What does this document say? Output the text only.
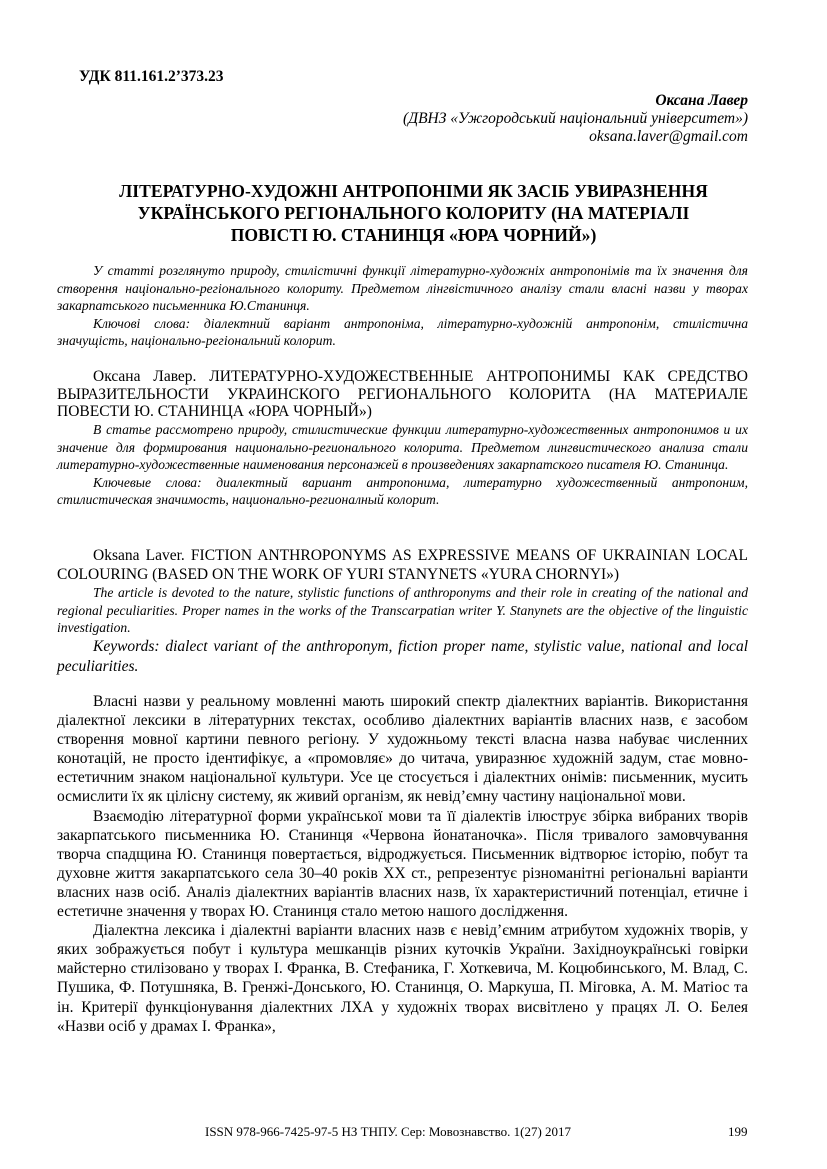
УДК 811.161.2’373.23
Оксана Лавер
(ДВНЗ «Ужгородський національний університет»)
oksana.laver@gmail.com
ЛІТЕРАТУРНО-ХУДОЖНІ АНТРОПОНІМИ ЯК ЗАСІБ УВИРАЗНЕННЯ
УКРАЇНСЬКОГО РЕГІОНАЛЬНОГО КОЛОРИТУ (НА МАТЕРІАЛІ
ПОВІСТІ Ю. СТАНИНЦЯ «ЮРА ЧОРНИЙ»)

У статті розглянуто природу, стилістичні функції літературно-художніх антропонімів та їх значення для створення національно-регіонального колориту. Предметом лінгвістичного аналізу стали власні назви у творах закарпатського письменника Ю.Станинця.

Ключові слова: діалектний варіант антропоніма, літературно-художній антропонім, стилістична значущість, національно-регіональний колорит.

Оксана Лавер. ЛИТЕРАТУРНО-ХУДОЖЕСТВЕННЫЕ АНТРОПОНИМЫ КАК СРЕДСТВО ВЫРАЗИТЕЛЬНОСТИ УКРАИНСКОГО РЕГИОНАЛЬНОГО КОЛОРИТА (НА МАТЕРИАЛЕ ПОВЕСТИ Ю. СТАНИНЦА «ЮРА ЧОРНЫЙ»)

В статье рассмотрено природу, стилистические функции литературно-художественных антропонимов и их значение для формирования национально-регионального колорита. Предметом лингвистического анализа стали литературно-художественные наименования персонажей в произведениях закарпатского писателя Ю. Станинца.

Ключевые слова: диалектный вариант антропонима, литературно художественный антропоним, стилистическая значимость, национально-регионалный колорит.

Oksana Laver. FICTION ANTHROPONYMS AS EXPRESSIVE MEANS OF UKRAINIAN LOCAL COLOURING (BASED ON THE WORK OF YURI STANYNETS «YURA CHORNYI»)

The article is devoted to the nature, stylistic functions of anthroponyms and their role in creating of the national and regional peculiarities. Proper names in the works of the Transcarpatian writer Y. Stanynets are the objective of the linguistic investigation.

Keywords: dialect variant of the anthroponym, fiction proper name, stylistic value, national and local peculiarities.

Власні назви у реальному мовленні мають широкий спектр діалектних варіантів. Використання діалектної лексики в літературних текстах, особливо діалектних варіантів власних назв, є засобом створення мовної картини певного регіону. У художньому тексті власна назва набуває численних конотацій, не просто ідентифікує, а «промовляє» до читача, увиразнює художній задум, стає мовно-естетичним знаком національної культури. Усе це стосується і діалектних онімів: письменник, мусить осмислити їх як цілісну систему, як живий організм, як невід’ємну частину національної мови.

Взаємодію літературної форми української мови та її діалектів ілюструє збірка вибраних творів закарпатського письменника Ю. Станинця «Червона йонатаночка». Після тривалого замовчування творча спадщина Ю. Станинця повертається, відроджується. Письменник відтворює історію, побут та духовне життя закарпатського села 30–40 років XX ст., репрезентує різноманітні регіональні варіанти власних назв осіб. Аналіз діалектних варіантів власних назв, їх характеристичний потенціал, етичне і естетичне значення у творах Ю. Станинця стало метою нашого дослідження.

Діалектна лексика і діалектні варіанти власних назв є невід’ємним атрибутом художніх творів, у яких зображується побут і культура мешканців різних куточків України. Західноукраїнські говірки майстерно стилізовано у творах І. Франка, В. Стефаника, Г. Хоткевича, М. Коцюбинського, М. Влад, С. Пушика, Ф. Потушняка, В. Гренжі-Донського, Ю. Станинця, О. Маркуша, П. Міговка, А. М. Матіос та ін. Критерії функціонування діалектних ЛХА у художніх творах висвітлено у працях Л. О. Белея «Назви осіб у драмах І. Франка»,

ISSN 978-966-7425-97-5 НЗ ТНПУ. Сер: Мовознавство. 1(27) 2017	199
